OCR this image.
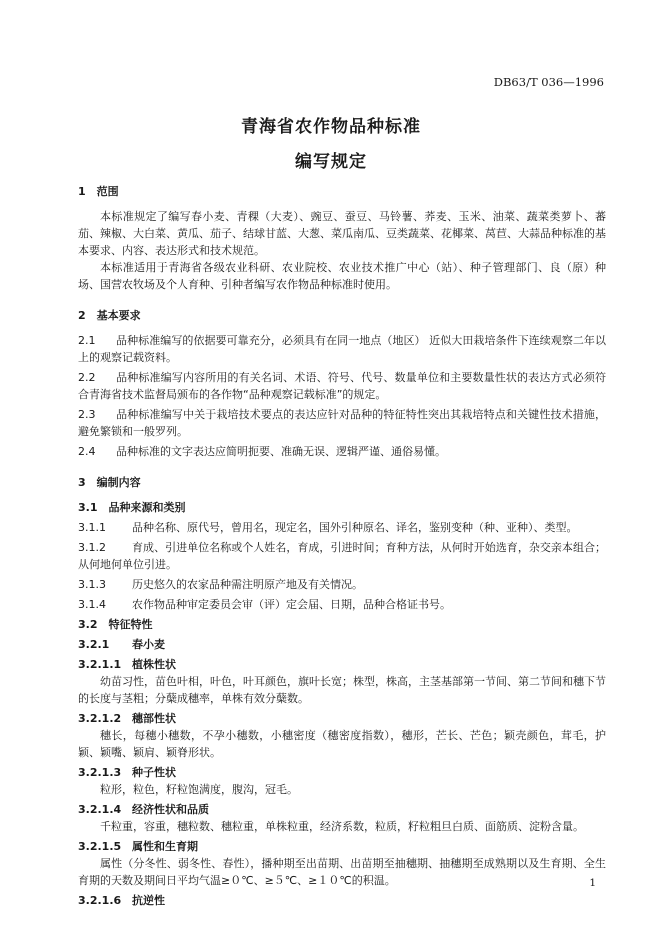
DB63/T 036—1996
青海省农作物品种标准
编写规定
1　范围
本标准规定了编写春小麦、青稞（大麦）、豌豆、蚕豆、马铃薯、荞麦、玉米、油菜、蔬菜类萝卜、蕃茄、辣椒、大白菜、黄瓜、茄子、结球甘蓝、大葱、菜瓜南瓜、豆类蔬菜、花椰菜、莴苣、大蒜品种标准的基本要求、内容、表达形式和技术规范。
本标准适用于青海省各级农业科研、农业院校、农业技术推广中心（站）、种子管理部门、良（原）种场、国营农牧场及个人育种、引种者编写农作物品种标准时使用。
2　基本要求
2.1 品种标准编写的依据要可靠充分，必须具有在同一地点（地区） 近似大田栽培条件下连续观察二年以上的观察记载资料。
2.2 品种标准编写内容所用的有关名词、术语、符号、代号、数量单位和主要数量性状的表达方式必须符合青海省技术监督局颁布的各作物“品种观察记载标准”的规定。
2.3 品种标准编写中关于栽培技术要点的表达应针对品种的特征特性突出其栽培特点和关键性技术措施，避免繁锁和一般罗列。
2.4 品种标准的文字表达应简明扼要、准确无误、逻辑严谨、通俗易懂。
3　编制内容
3.1　品种来源和类别
3.1.1 品种名称、原代号，曾用名，现定名，国外引种原名、译名，鉴别变种（种、亚种）、类型。
3.1.2 育成、引进单位名称或个人姓名，育成，引进时间；育种方法，从何时开始选育，杂交亲本组合；从何地何单位引进。
3.1.3 历史悠久的农家品种需注明原产地及有关情况。
3.1.4 农作物品种审定委员会审（评）定会届、日期，品种合格证书号。
3.2　特征特性
3.2.1 春小麦
3.2.1.1 植株性状
幼苗习性，苗色叶相，叶色，叶耳颜色，旗叶长宽；株型，株高，主茎基部第一节间、第二节间和穗下节的长度与茎粗；分蘖成穗率，单株有效分蘖数。
3.2.1.2 穗部性状
穗长，每穗小穗数，不孕小穗数，小穗密度（穗密度指数），穗形，芒长、芒色；颖壳颜色，茸毛，护颖、颖嘴、颖肩、颖脊形状。
3.2.1.3 种子性状
粒形，粒色，籽粒饱满度，腹沟，冠毛。
3.2.1.4 经济性状和品质
千粒重，容重，穗粒数、穗粒重，单株粒重，经济系数，粒质，籽粒粗旦白质、面筋质、淀粉含量。
3.2.1.5 属性和生育期
属性（分冬性、弱冬性、春性），播种期至出苗期、出苗期至抽穗期、抽穗期至成熟期以及生育期、全生育期的天数及期间日平均气温≥０℃、≥５℃、≥１０℃的积温。
3.2.1.6 抗逆性
1
